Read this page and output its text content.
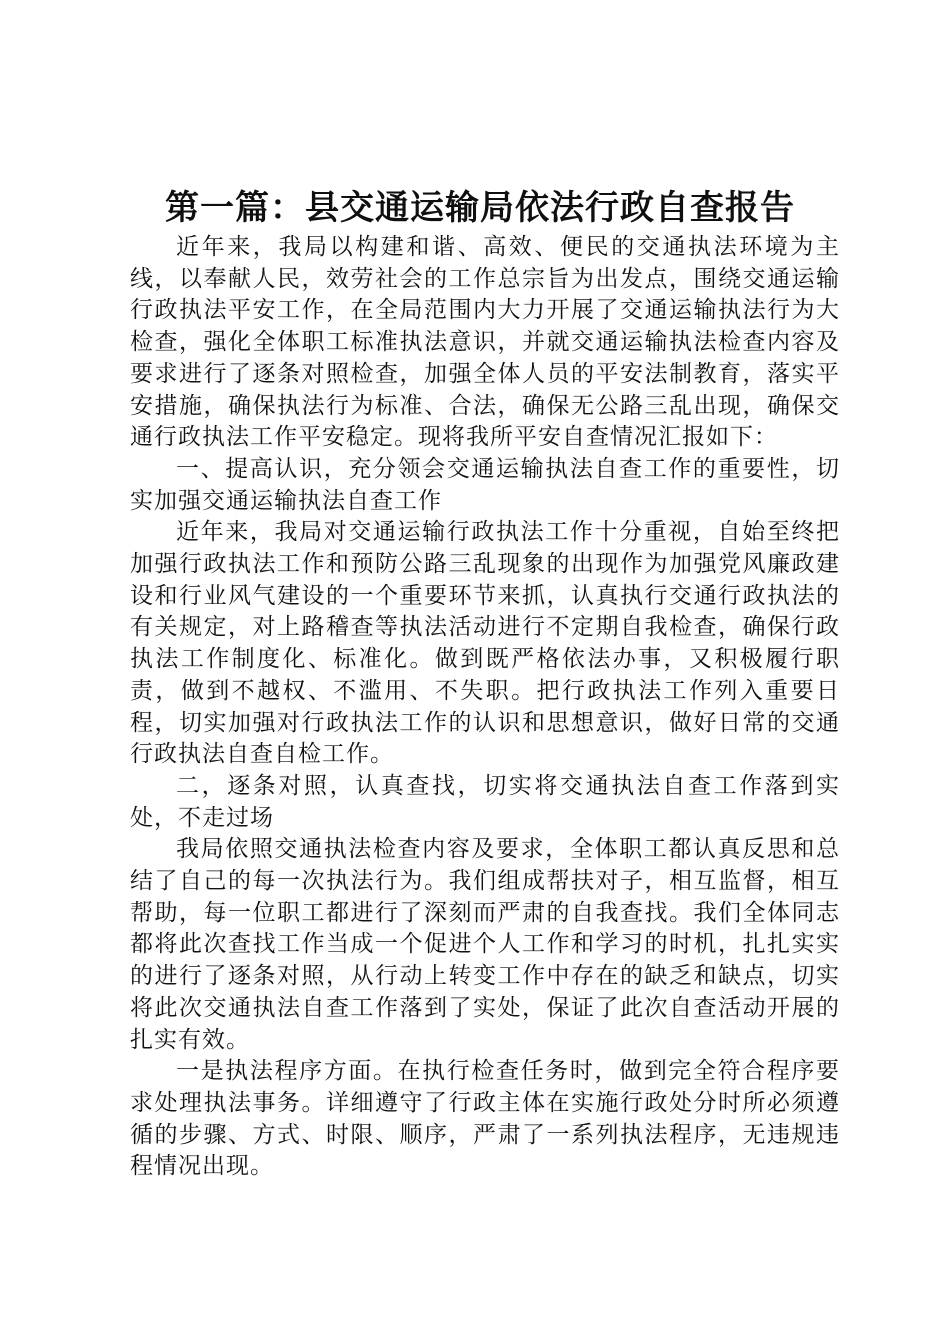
第一篇：县交通运输局依法行政自查报告

近年来，我局以构建和谐、高效、便民的交通执法环境为主线，以奉献人民，效劳社会的工作总宗旨为出发点，围绕交通运输行政执法平安工作，在全局范围内大力开展了交通运输执法行为大检查，强化全体职工标准执法意识，并就交通运输执法检查内容及要求进行了逐条对照检查，加强全体人员的平安法制教育，落实平安措施，确保执法行为标准、合法，确保无公路三乱出现，确保交通行政执法工作平安稳定。现将我所平安自查情况汇报如下：

一、提高认识，充分领会交通运输执法自查工作的重要性，切实加强交通运输执法自查工作

近年来，我局对交通运输行政执法工作十分重视，自始至终把加强行政执法工作和预防公路三乱现象的出现作为加强党风廉政建设和行业风气建设的一个重要环节来抓，认真执行交通行政执法的有关规定，对上路稽查等执法活动进行不定期自我检查，确保行政执法工作制度化、标准化。做到既严格依法办事，又积极履行职责，做到不越权、不滥用、不失职。把行政执法工作列入重要日程，切实加强对行政执法工作的认识和思想意识，做好日常的交通行政执法自查自检工作。

二，逐条对照，认真查找，切实将交通执法自查工作落到实处，不走过场

我局依照交通执法检查内容及要求，全体职工都认真反思和总结了自己的每一次执法行为。我们组成帮扶对子，相互监督，相互帮助，每一位职工都进行了深刻而严肃的自我查找。我们全体同志都将此次查找工作当成一个促进个人工作和学习的时机，扎扎实实的进行了逐条对照，从行动上转变工作中存在的缺乏和缺点，切实将此次交通执法自查工作落到了实处，保证了此次自查活动开展的扎实有效。

一是执法程序方面。在执行检查任务时，做到完全符合程序要求处理执法事务。详细遵守了行政主体在实施行政处分时所必须遵循的步骤、方式、时限、顺序，严肃了一系列执法程序，无违规违程情况出现。
